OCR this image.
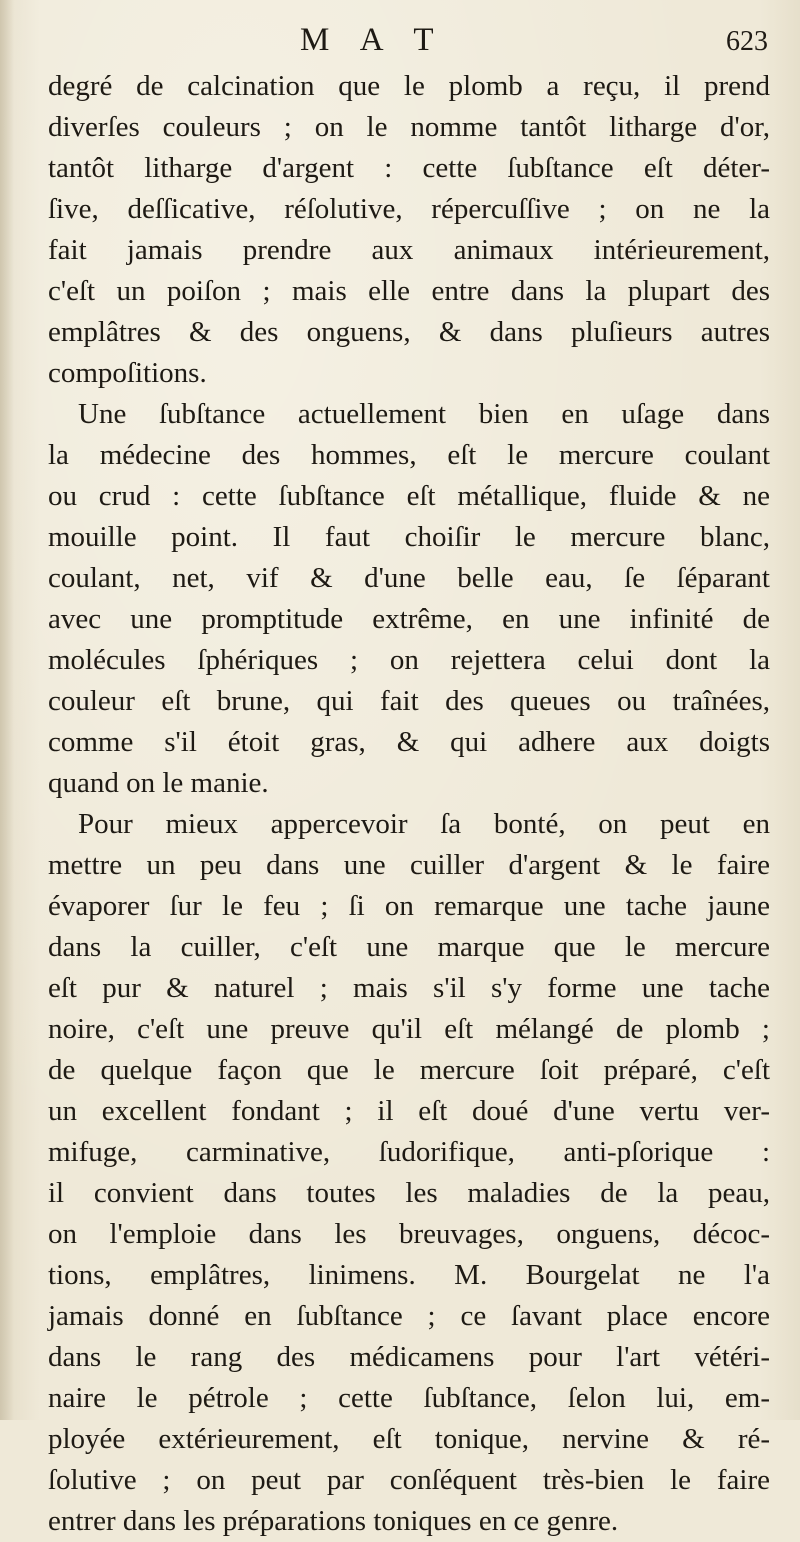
M A T	623
degré de calcination que le plomb a reçu, il prend
diverſes couleurs ; on le nomme tantôt litharge d'or,
tantôt litharge d'argent : cette ſubſtance eſt déter-
ſive, deſſicative, réſolutive, répercuſſive ; on ne la
fait jamais prendre aux animaux intérieurement,
c'eſt un poiſon ; mais elle entre dans la plupart des
emplâtres & des onguens, & dans pluſieurs autres
compoſitions.
Une ſubſtance actuellement bien en uſage dans
la médecine des hommes, eſt le mercure coulant
ou crud : cette ſubſtance eſt métallique, fluide & ne
mouille point. Il faut choiſir le mercure blanc,
coulant, net, vif & d'une belle eau, ſe ſéparant
avec une promptitude extrême, en une infinité de
molécules ſphériques ; on rejettera celui dont la
couleur eſt brune, qui fait des queues ou traînées,
comme s'il étoit gras, & qui adhere aux doigts
quand on le manie.
Pour mieux appercevoir ſa bonté, on peut en
mettre un peu dans une cuiller d'argent & le faire
évaporer ſur le feu ; ſi on remarque une tache jaune
dans la cuiller, c'eſt une marque que le mercure
eſt pur & naturel ; mais s'il s'y forme une tache
noire, c'eſt une preuve qu'il eſt mélangé de plomb ;
de quelque façon que le mercure ſoit préparé, c'eſt
un excellent fondant ; il eſt doué d'une vertu ver-
mifuge, carminative, ſudorifique, anti-pſorique :
il convient dans toutes les maladies de la peau,
on l'emploie dans les breuvages, onguens, décoc-
tions, emplâtres, linimens. M. Bourgelat ne l'a
jamais donné en ſubſtance ; ce ſavant place encore
dans le rang des médicamens pour l'art vétéri-
naire le pétrole ; cette ſubſtance, ſelon lui, em-
ployée extérieurement, eſt tonique, nervine & ré-
ſolutive ; on peut par conſéquent très-bien le faire
entrer dans les préparations toniques en ce genre.
